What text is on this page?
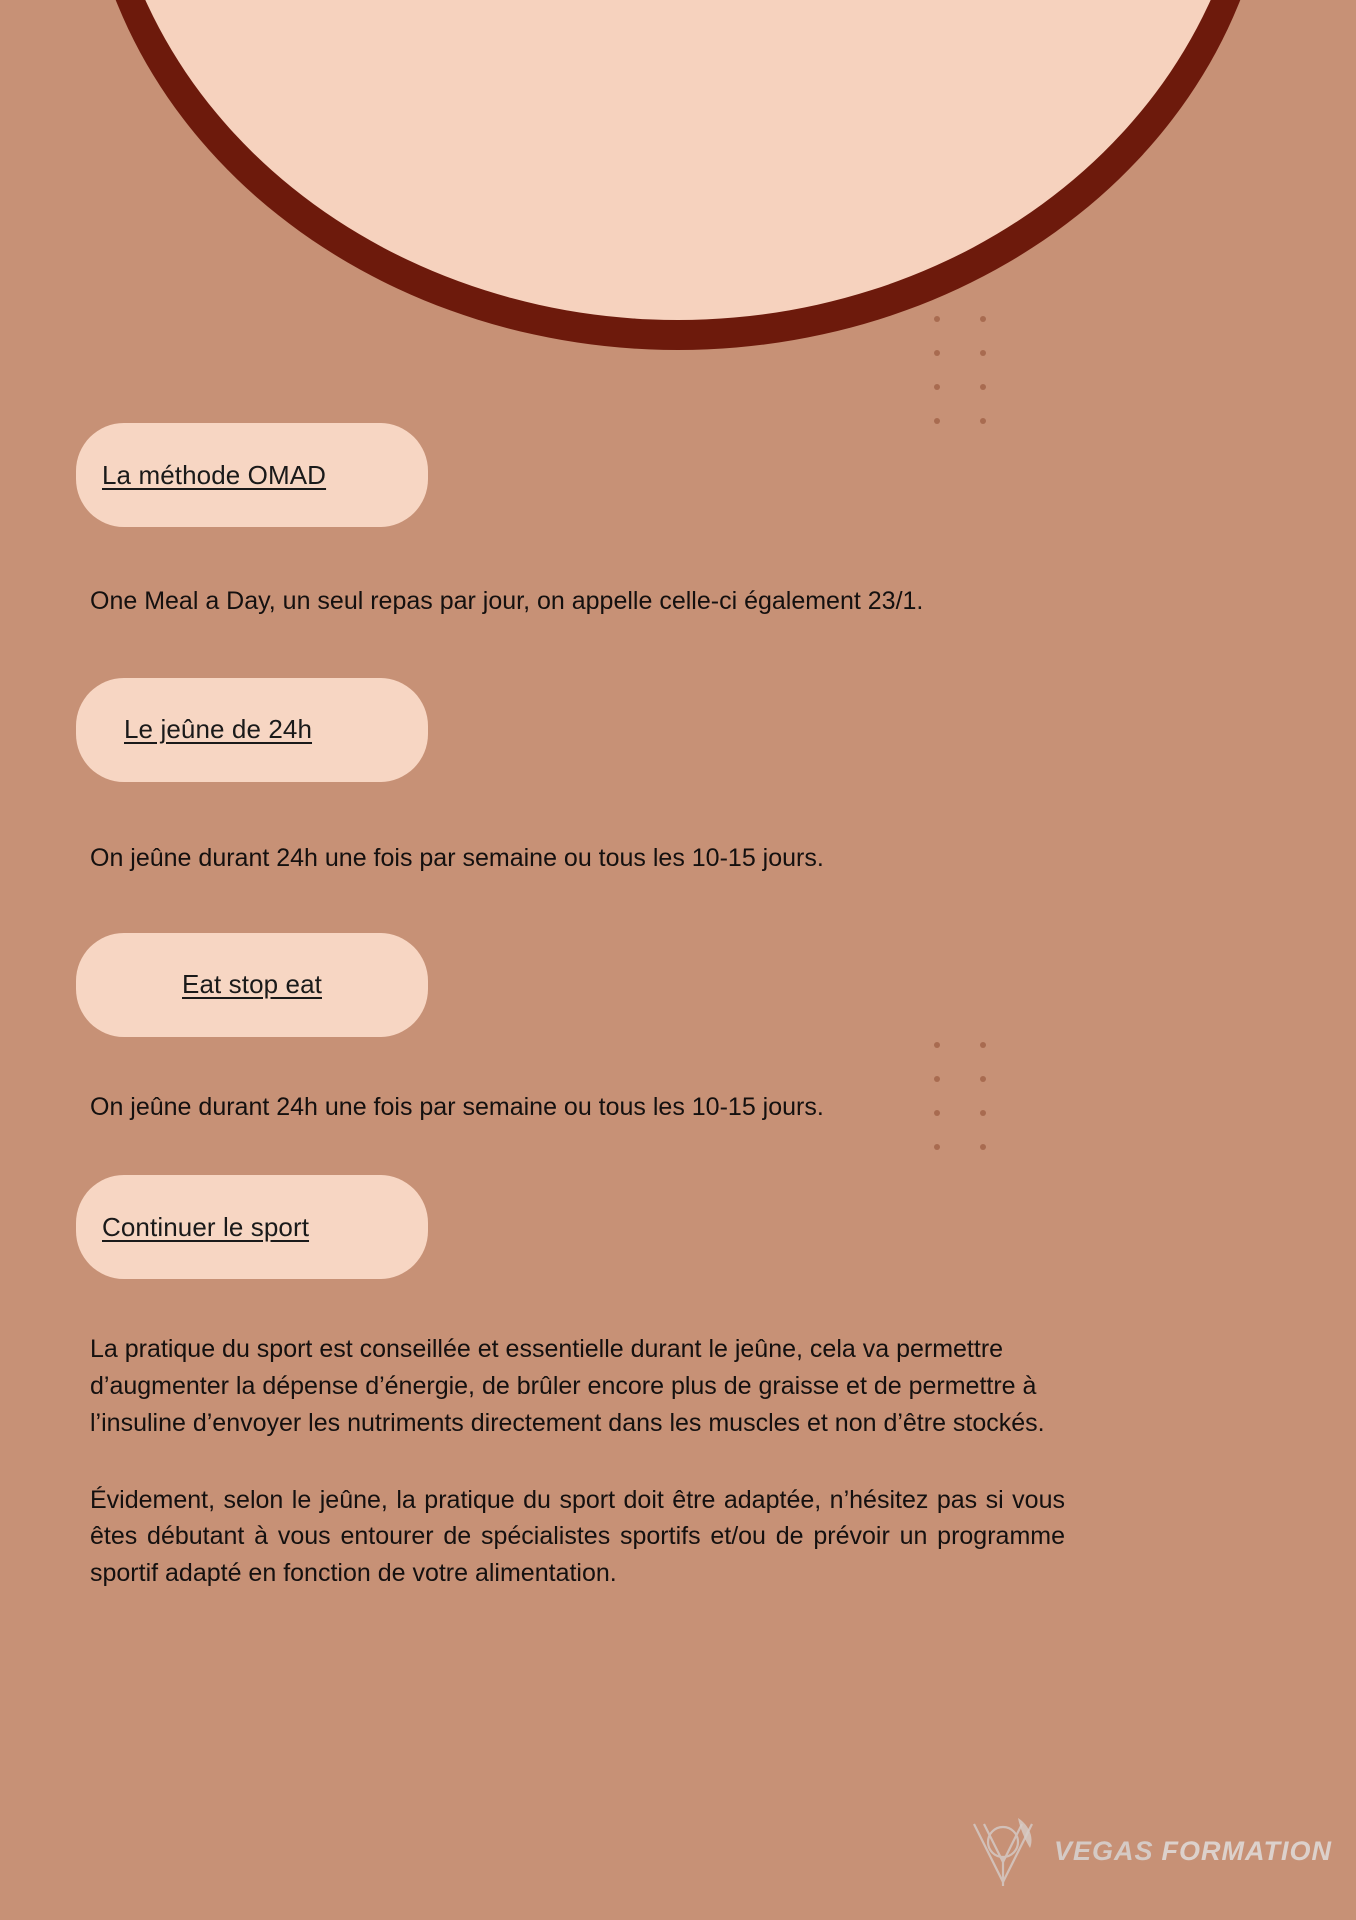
La méthode OMAD

One Meal a Day, un seul repas par jour, on appelle celle-ci également 23/1.

Le jeûne de 24h

On jeûne durant 24h une fois par semaine ou tous les 10-15 jours.

Eat stop eat

On jeûne durant 24h une fois par semaine ou tous les 10-15 jours.

Continuer le sport

La pratique du sport est conseillée et essentielle durant le jeûne, cela va permettre d’augmenter la dépense d’énergie, de brûler encore plus de graisse et de permettre à l’insuline d’envoyer les nutriments directement dans les muscles et non d’être stockés.

Évidement, selon le jeûne, la pratique du sport doit être adaptée, n’hésitez pas si vous êtes débutant à vous entourer de spécialistes sportifs et/ou de prévoir un programme sportif adapté en fonction de votre alimentation.

VEGAS FORMATION
